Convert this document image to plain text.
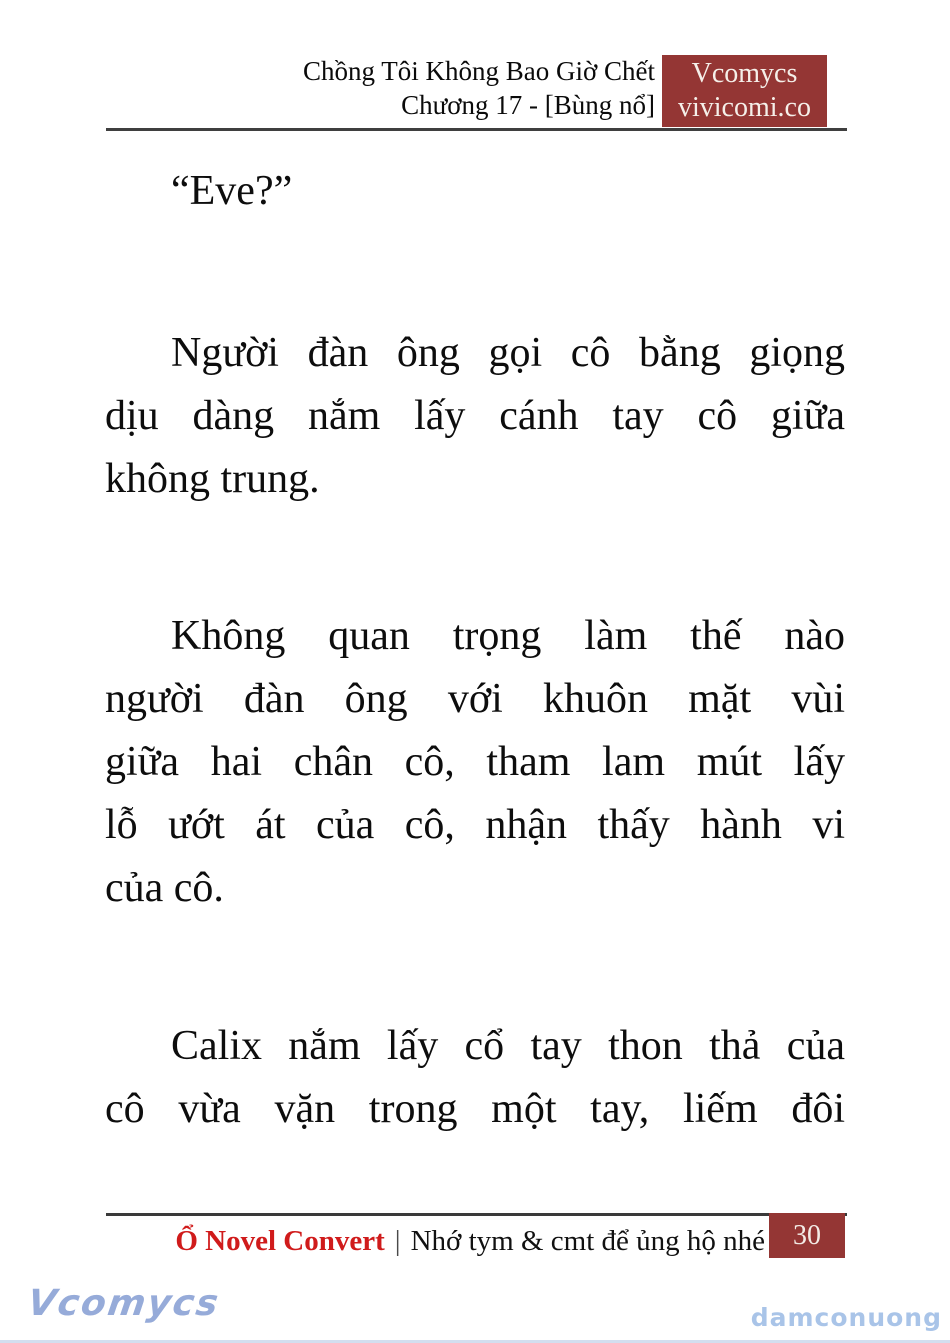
Chồng Tôi Không Bao Giờ Chết
Chương 17 - [Bùng nổ]
Vcomycs
vivicomi.co

“Eve?”

Người đàn ông gọi cô bằng giọng
dịu dàng nắm lấy cánh tay cô giữa
không trung.

Không quan trọng làm thế nào
người đàn ông với khuôn mặt vùi
giữa hai chân cô, tham lam mút lấy
lỗ ướt át của cô, nhận thấy hành vi
của cô.

Calix nắm lấy cổ tay thon thả của
cô vừa vặn trong một tay, liếm đôi

Ổ Novel Convert | Nhớ tym & cmt để ủng hộ nhé 30
Vcomycs	damconuong
